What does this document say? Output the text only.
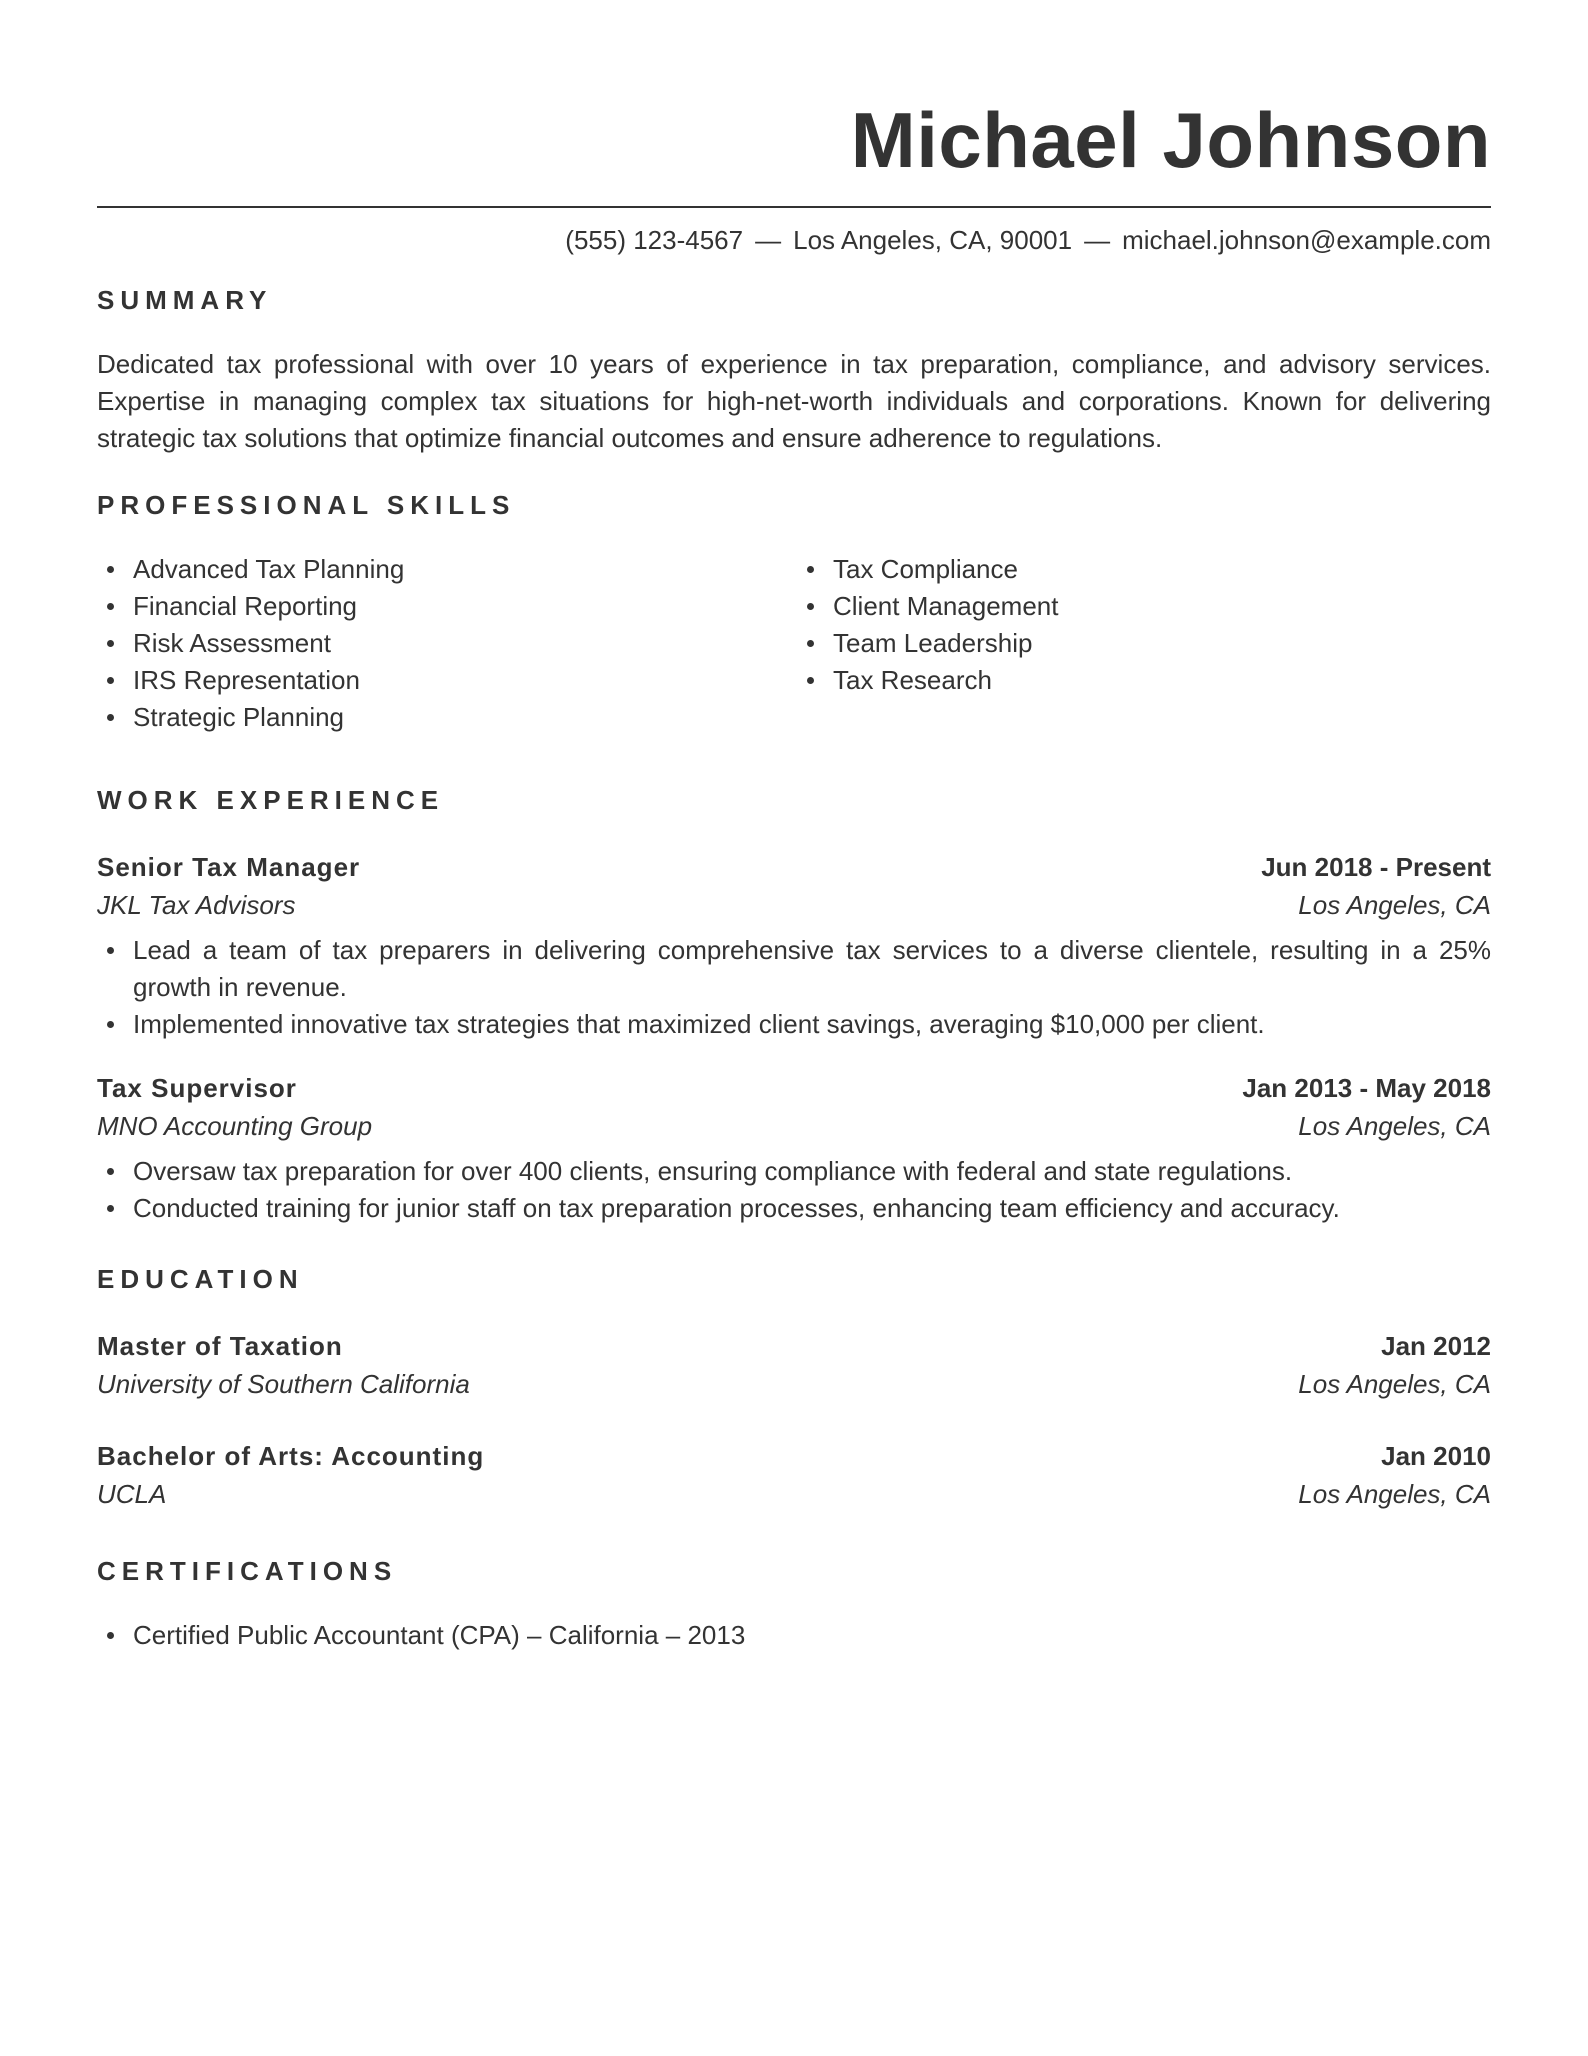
Michael Johnson
(555) 123-4567 — Los Angeles, CA, 90001 — michael.johnson@example.com
SUMMARY

Dedicated tax professional with over 10 years of experience in tax preparation, compliance, and advisory services. Expertise in managing complex tax situations for high-net-worth individuals and corporations. Known for delivering strategic tax solutions that optimize financial outcomes and ensure adherence to regulations.

PROFESSIONAL SKILLS
Advanced Tax Planning
Financial Reporting
Risk Assessment
IRS Representation
Strategic Planning
Tax Compliance
Client Management
Team Leadership
Tax Research
WORK EXPERIENCE
Senior Tax Manager	Jun 2018 - Present
JKL Tax Advisors	Los Angeles, CA
Lead a team of tax preparers in delivering comprehensive tax services to a diverse clientele, resulting in a 25% growth in revenue.
Implemented innovative tax strategies that maximized client savings, averaging $10,000 per client.
Tax Supervisor	Jan 2013 - May 2018
MNO Accounting Group	Los Angeles, CA
Oversaw tax preparation for over 400 clients, ensuring compliance with federal and state regulations.
Conducted training for junior staff on tax preparation processes, enhancing team efficiency and accuracy.
EDUCATION
Master of Taxation	Jan 2012
University of Southern California	Los Angeles, CA
Bachelor of Arts: Accounting	Jan 2010
UCLA	Los Angeles, CA
CERTIFICATIONS
Certified Public Accountant (CPA) – California – 2013
